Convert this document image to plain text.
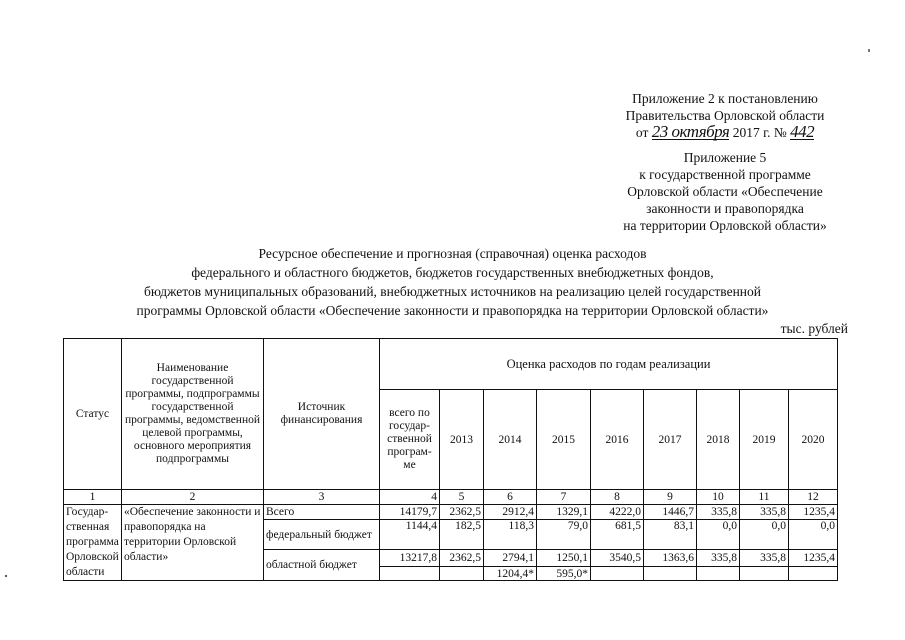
Приложение 2 к постановлению
Правительства Орловской области
от 23 октября 2017 г. № 442
Приложение 5
к государственной программе
Орловской области «Обеспечение
законности и правопорядка
на территории Орловской области»
Ресурсное обеспечение и прогнозная (справочная) оценка расходов
федерального и областного бюджетов, бюджетов государственных внебюджетных фондов,
бюджетов муниципальных образований, внебюджетных источников на реализацию целей государственной
программы Орловской области «Обеспечение законности и правопорядка на территории Орловской области»
тыс. рублей
Статус	Наименование государственной программы, подпрограммы государственной программы, ведомственной целевой программы, основного мероприятия подпрограммы	Источник финансирования	Оценка расходов по годам реализации								
			всего по государ-ственной програм-ме	2013	2014	2015	2016	2017	2018	2019	2020
1	2	3	4	5	6	7	8	9	10	11	12
Государ-ственная программа Орловской области	«Обеспечение законности и правопорядка на территории Орловской области»	Всего	14179,7	2362,5	2912,4	1329,1	4222,0	1446,7	335,8	335,8	1235,4
		федеральный бюджет	1144,4	182,5	118,3	79,0	681,5	83,1	0,0	0,0	0,0
		областной бюджет	13217,8	2362,5	2794,1	1250,1	3540,5	1363,6	335,8	335,8	1235,4
					1204,4*	595,0*					
